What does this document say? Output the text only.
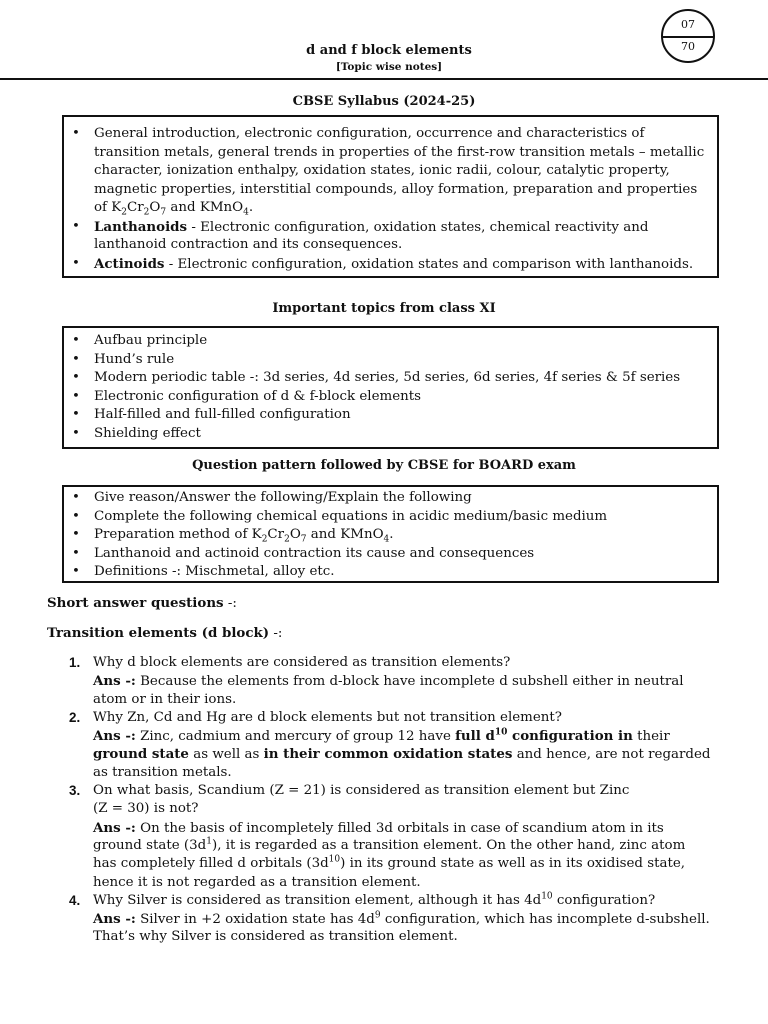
07
70
d and f block elements
[Topic wise notes]
CBSE Syllabus (2024-25)
• General introduction, electronic configuration, occurrence and characteristics of
transition metals, general trends in properties of the first-row transition metals – metallic
character, ionization enthalpy, oxidation states, ionic radii, colour, catalytic property,
magnetic properties, interstitial compounds, alloy formation, preparation and properties
of $K_2Cr_2O_7$ and KMnO$_4$.
• Lanthanoids - Electronic configuration, oxidation states, chemical reactivity and
lanthanoid contraction and its consequences.
• Actinoids - Electronic configuration, oxidation states and comparison with lanthanoids.
Important topics from class XI
• Aufbau principle
• Hund’s rule
• Modern periodic table -: 3d series, 4d series, 5d series, 6d series, 4f series & 5f series
• Electronic configuration of d & f-block elements
• Half-filled and full-filled configuration
• Shielding effect
Question pattern followed by CBSE for BOARD exam
• Give reason/Answer the following/Explain the following
• Complete the following chemical equations in acidic medium/basic medium
• Preparation method of $K_2Cr_2O_7$ and KMnO$_4$.
• Lanthanoid and actinoid contraction its cause and consequences
• Definitions -: Mischmetal, alloy etc.
Short answer questions -:
Transition elements (d block) -:
1. Why d block elements are considered as transition elements?
Ans -: Because the elements from d-block have incomplete d subshell either in neutral
atom or in their ions.
2. Why Zn, Cd and Hg are d block elements but not transition element?
Ans -: Zinc, cadmium and mercury of group 12 have full $d^{10}$ configuration in their
ground state as well as in their common oxidation states and hence, are not regarded
as transition metals.
3. On what basis, Scandium (Z = 21) is considered as transition element but Zinc
(Z = 30) is not?
Ans -: On the basis of incompletely filled 3d orbitals in case of scandium atom in its
ground state $(3d^1)$, it is regarded as a transition element. On the other hand, zinc atom
has completely filled d orbitals $(3d^{10})$ in its ground state as well as in its oxidised state,
hence it is not regarded as a transition element.
4. Why Silver is considered as transition element, although it has $4d^{10}$ configuration?
Ans -: Silver in +2 oxidation state has $4d^9$ configuration, which has incomplete d-subshell.
That’s why Silver is considered as transition element.
